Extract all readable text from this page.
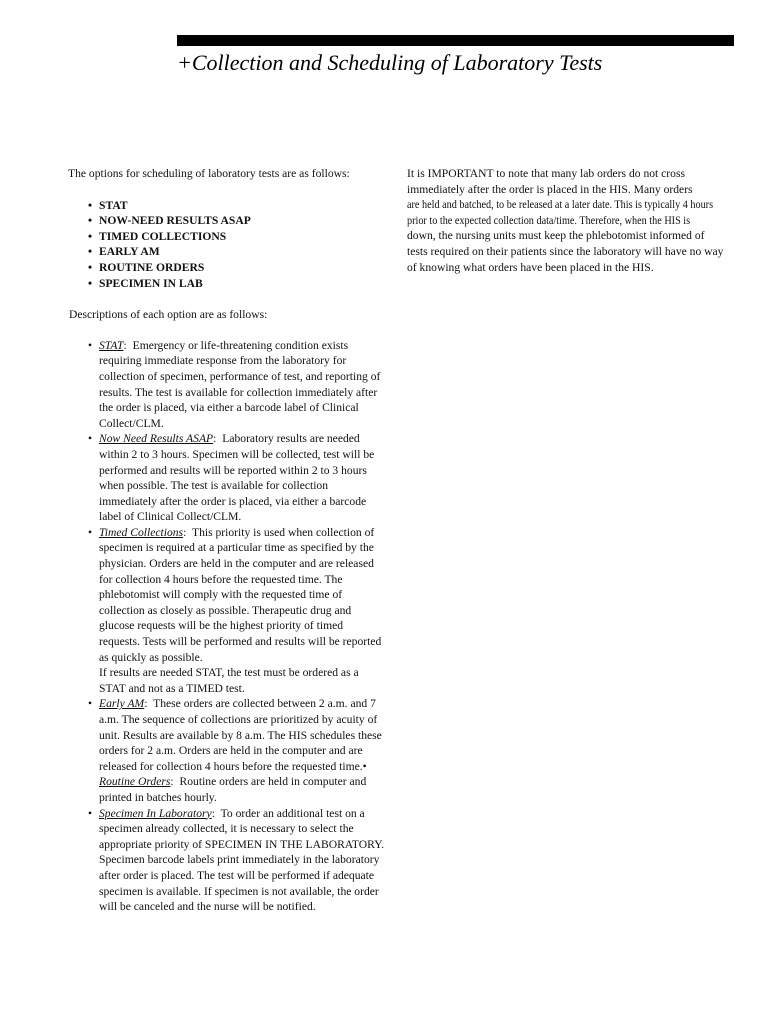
+Collection and Scheduling of Laboratory Tests

The options for scheduling of laboratory tests are as follows:

• STAT
• NOW-NEED RESULTS ASAP
• TIMED COLLECTIONS
• EARLY AM
• ROUTINE ORDERS
• SPECIMEN IN LAB

Descriptions of each option are as follows:

• STAT: Emergency or life-threatening condition exists requiring immediate response from the laboratory for collection of specimen, performance of test, and reporting of results. The test is available for collection immediately after the order is placed, via either a barcode label of Clinical Collect/CLM.
• Now Need Results ASAP: Laboratory results are needed within 2 to 3 hours. Specimen will be collected, test will be performed and results will be reported within 2 to 3 hours when possible. The test is available for collection immediately after the order is placed, via either a barcode label of Clinical Collect/CLM.
• Timed Collections: This priority is used when collection of specimen is required at a particular time as specified by the physician. Orders are held in the computer and are released for collection 4 hours before the requested time. The phlebotomist will comply with the requested time of collection as closely as possible. Therapeutic drug and glucose requests will be the highest priority of timed requests. Tests will be performed and results will be reported as quickly as possible.
If results are needed STAT, the test must be ordered as a STAT and not as a TIMED test.
• Early AM: These orders are collected between 2 a.m. and 7 a.m. The sequence of collections are prioritized by acuity of unit. Results are available by 8 a.m. The HIS schedules these orders for 2 a.m. Orders are held in the computer and are released for collection 4 hours before the requested time.• Routine Orders: Routine orders are held in computer and printed in batches hourly.
• Specimen In Laboratory: To order an additional test on a specimen already collected, it is necessary to select the appropriate priority of SPECIMEN IN THE LABORATORY. Specimen barcode labels print immediately in the laboratory after order is placed. The test will be performed if adequate specimen is available. If specimen is not available, the order will be canceled and the nurse will be notified.

It is IMPORTANT to note that many lab orders do not cross immediately after the order is placed in the HIS. Many orders
are held and batched, to be released at a later date. This is typically 4 hours
prior to the expected collection data/time. Therefore, when the HIS is
down, the nursing units must keep the phlebotomist informed of tests required on their patients since the laboratory will have no way of knowing what orders have been placed in the HIS.
